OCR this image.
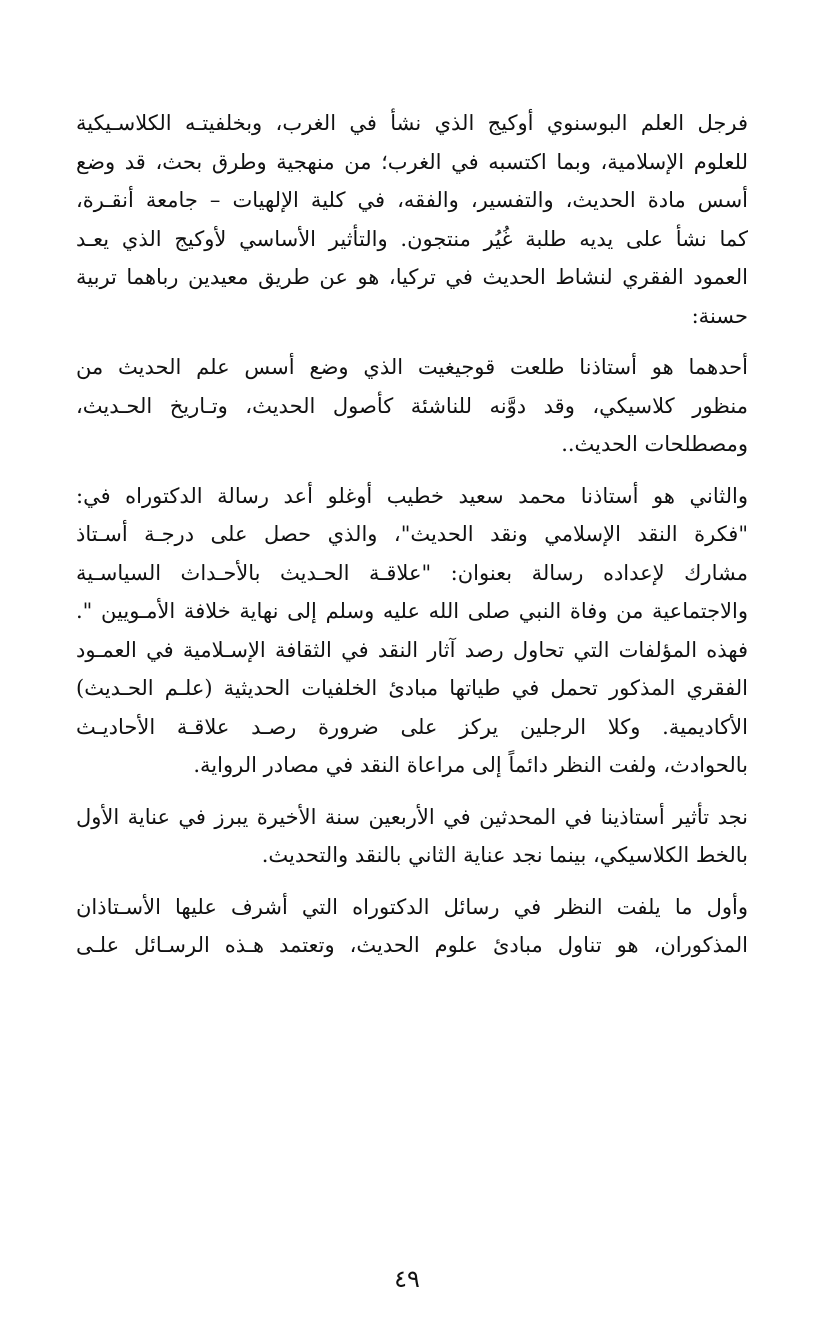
فرجل العلم البوسنوي أوكيج الذي نشأ في الغرب، وبخلفيتـه الكلاسـيكية
للعلوم الإسلامية، وبما اكتسبه في الغرب؛ من منهجية وطرق بحث، قد وضع
أسس مادة الحديث، والتفسير، والفقه، في كلية الإلهيات – جامعة أنقـرة،
كما نشأ على يديه طلبة غُيُر منتجون. والتأثير الأساسي لأوكيج الذي يعـد
العمود الفقري لنشاط الحديث في تركيا، هو عن طريق معيدين رباهما تربية
حسنة:
أحدهما هو أستاذنا طلعت قوجيغيت الذي وضع أسس علم الحديث من
منظور كلاسيكي، وقد دوَّنه للناشئة كأصول الحديث، وتـاريخ الحـديث،
ومصطلحات الحديث..
والثاني هو أستاذنا محمد سعيد خطيب أوغلو أعد رسالة الدكتوراه في:
"فكرة النقد الإسلامي ونقد الحديث"، والذي حصل على درجـة أسـتاذ
مشارك لإعداده رسالة بعنوان: "علاقـة الحـديث بالأحـداث السياسـية
والاجتماعية من وفاة النبي صلى الله عليه وسلم إلى نهاية خلافة الأمـويين ".
فهذه المؤلفات التي تحاول رصد آثار النقد في الثقافة الإسـلامية في العمـود
الفقري المذكور تحمل في طياتها مبادئ الخلفيات الحديثية (علـم الحـديث)
الأكاديمية. وكلا الرجلين يركز على ضرورة رصـد علاقـة الأحاديـث
بالحوادث، ولفت النظر دائماً إلى مراعاة النقد في مصادر الرواية.
نجد تأثير أستاذينا في المحدثين في الأربعين سنة الأخيرة يبرز في عناية الأول
بالخط الكلاسيكي، بينما نجد عناية الثاني بالنقد والتحديث.
وأول ما يلفت النظر في رسائل الدكتوراه التي أشرف عليها الأسـتاذان
المذكوران، هو تناول مبادئ علوم الحديث، وتعتمد هـذه الرسـائل علـى
٤٩
